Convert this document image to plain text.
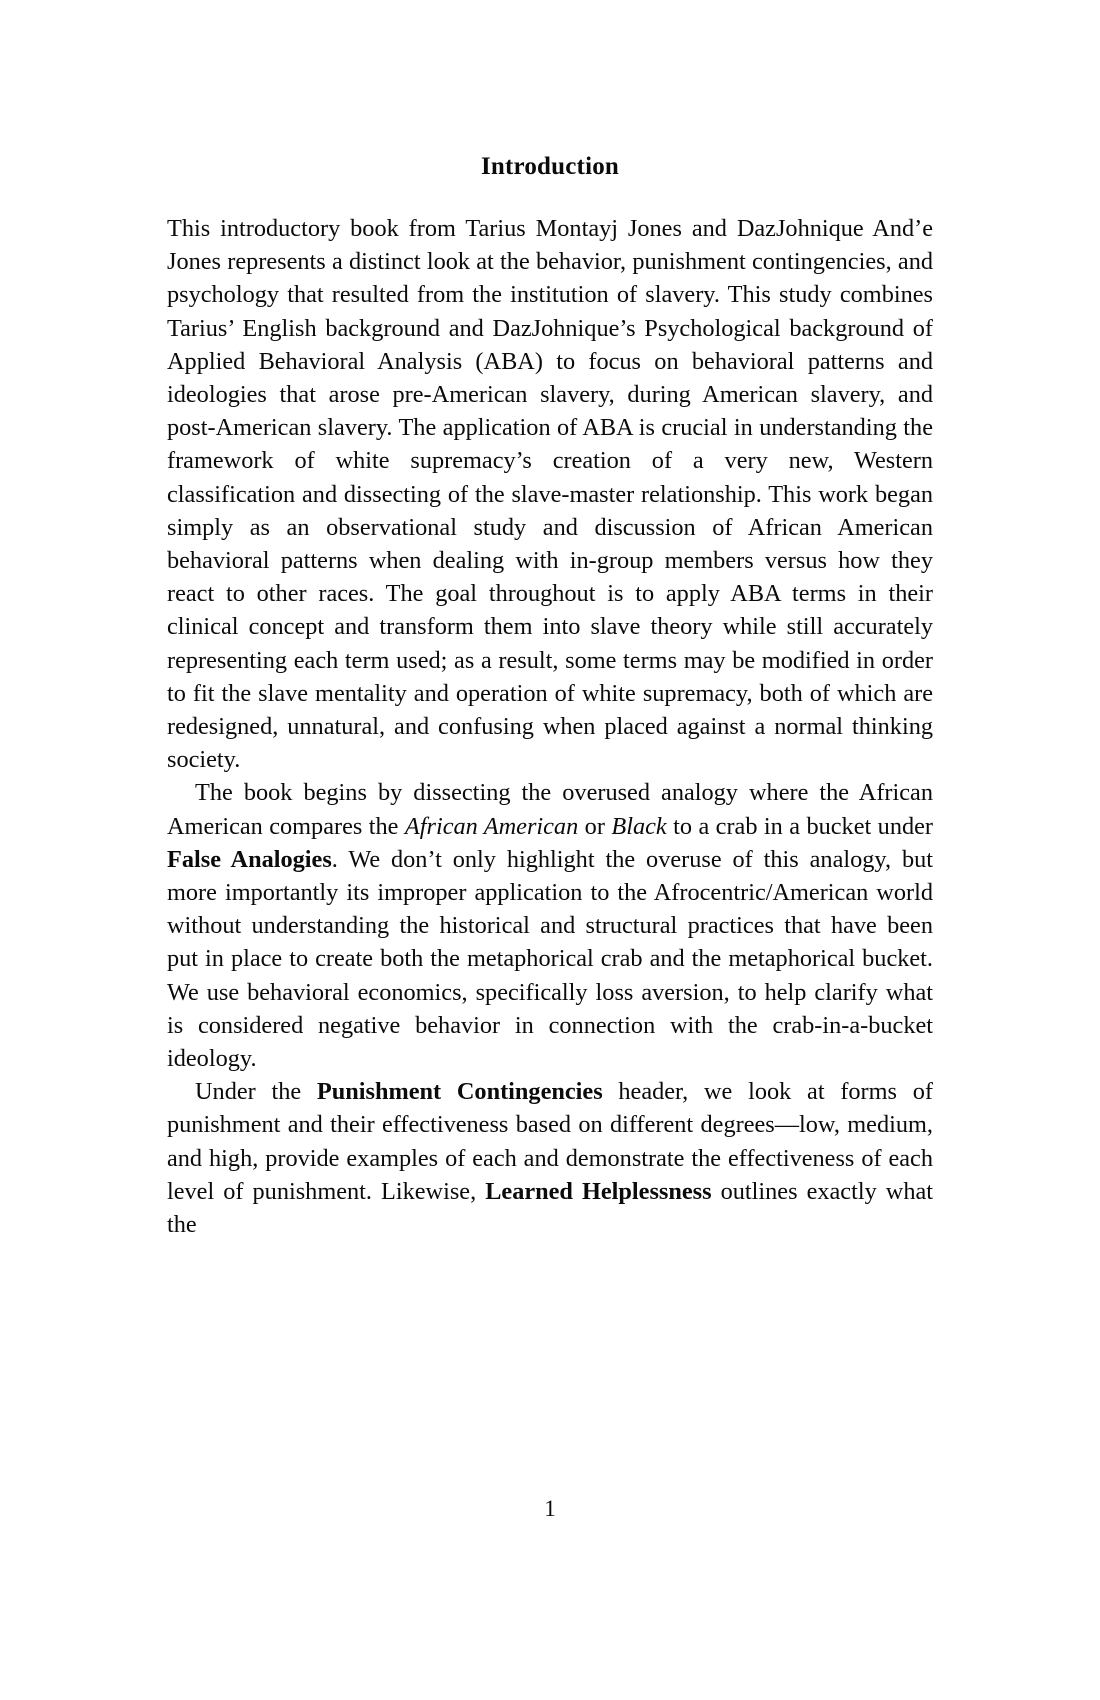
Introduction

This introductory book from Tarius Montayj Jones and DazJohnique And’e Jones represents a distinct look at the behavior, punishment contingencies, and psychology that resulted from the institution of slavery. This study combines Tarius’ English background and DazJohnique’s Psychological background of Applied Behavioral Analysis (ABA) to focus on behavioral patterns and ideologies that arose pre-American slavery, during American slavery, and post-American slavery. The application of ABA is crucial in understanding the framework of white supremacy’s creation of a very new, Western classification and dissecting of the slave-master relationship. This work began simply as an observational study and discussion of African American behavioral patterns when dealing with in-group members versus how they react to other races. The goal throughout is to apply ABA terms in their clinical concept and transform them into slave theory while still accurately representing each term used; as a result, some terms may be modified in order to fit the slave mentality and operation of white supremacy, both of which are redesigned, unnatural, and confusing when placed against a normal thinking society.

The book begins by dissecting the overused analogy where the African American compares the African American or Black to a crab in a bucket under False Analogies. We don’t only highlight the overuse of this analogy, but more importantly its improper application to the Afrocentric/American world without understanding the historical and structural practices that have been put in place to create both the metaphorical crab and the metaphorical bucket. We use behavioral economics, specifically loss aversion, to help clarify what is considered negative behavior in connection with the crab-in-a-bucket ideology.

Under the Punishment Contingencies header, we look at forms of punishment and their effectiveness based on different degrees—low, medium, and high, provide examples of each and demonstrate the effectiveness of each level of punishment. Likewise, Learned Helplessness outlines exactly what the

1
